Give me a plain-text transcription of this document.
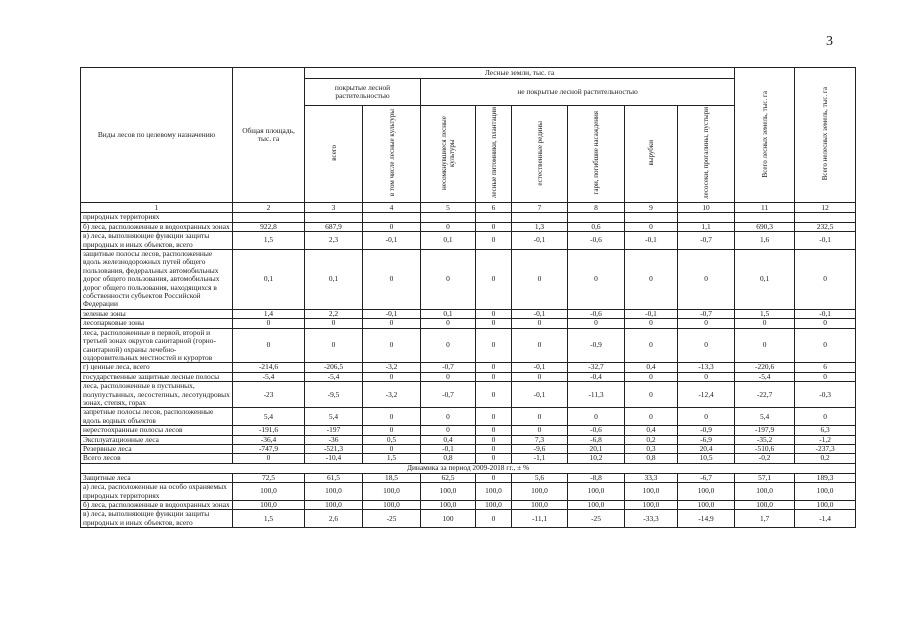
3
Виды лесов по целевому назначению	Общая площадь, тыс. га	Лесные земли, тыс. га								Всего лесных земель, тыс. га	Всего нелесных земель, тыс. га
		покрытые лесной растительностью		не покрытые лесной растительностью							
		всего	в том числе лесные культуры	несомкнувшиеся лесные культуры	лесные питомники, плантации	естественные редины	гари, погибшие насаждения	вырубки	лесосеки, прогалины, пустыри		
1	2	3	4	5	6	7	8	9	10	11	12
природных территориях											
б) леса, расположенные в водоохранных зонах	922,8	687,9	0	0	0	1,3	0,6	0	1,1	690,3	232,5
в) леса, выполняющие функции защиты природных и иных объектов, всего	1,5	2,3	-0,1	0,1	0	-0,1	-0,6	-0,1	-0,7	1,6	-0,1
защитные полосы лесов, расположенные вдоль железнодорожных путей общего пользования, федеральных автомобильных дорог общего пользования, автомобильных дорог общего пользования, находящихся в собственности субъектов Российской Федерации	0,1	0,1	0	0	0	0	0	0	0	0,1	0
зеленые зоны	1,4	2,2	-0,1	0,1	0	-0,1	-0,6	-0,1	-0,7	1,5	-0,1
лесопарковые зоны	0	0	0	0	0	0	0	0	0	0	0
леса, расположенные в первой, второй и третьей зонах округов санитарной (горно-санитарной) охраны лечебно-оздоровительных местностей и курортов	0	0	0	0	0	0	-0,9	0	0	0	0
г) ценные леса, всего	-214,6	-206,5	-3,2	-0,7	0	-0,1	-32,7	0,4	-13,3	-220,6	6
государственные защитные лесные полосы	-5,4	-5,4	0	0	0	0	-0,4	0	0	-5,4	0
леса, расположенные в пустынных, полупустынных, лесостепных, лесотундровых зонах, степях, горах	-23	-9,5	-3,2	-0,7	0	-0,1	-11,3	0	-12,4	-22,7	-0,3
запретные полосы лесов, расположенные вдоль водных объектов	5,4	5,4	0	0	0	0	0	0	0	5,4	0
нерестоохранные полосы лесов	-191,6	-197	0	0	0	0	-0,6	0,4	-0,9	-197,9	6,3
Эксплуатационные леса	-36,4	-36	0,5	0,4	0	7,3	-6,8	0,2	-6,9	-35,2	-1,2
Резервные леса	-747,9	-521,3	0	-0,1	0	-9,6	20,1	0,3	20,4	-510,6	-237,3
Всего лесов	0	-10,4	1,5	0,8	0	-1,1	10,2	0,8	10,5	-0,2	0,2
Динамика за период 2009-2018 гг., ± %											
Защитные леса	72,5	61,5	18,5	62,5	0	5,6	-8,8	33,3	-6,7	57,1	189,3
а) леса, расположенные на особо охраняемых природных территориях	100,0	100,0	100,0	100,0	100,0	100,0	100,0	100,0	100,0	100,0	100,0
б) леса, расположенные в водоохранных зонах	100,0	100,0	100,0	100,0	100,0	100,0	100,0	100,0	100,0	100,0	100,0
в) леса, выполняющие функции защиты природных и иных объектов, всего	1,5	2,6	-25	100	0	-11,1	-25	-33,3	-14,9	1,7	-1,4
